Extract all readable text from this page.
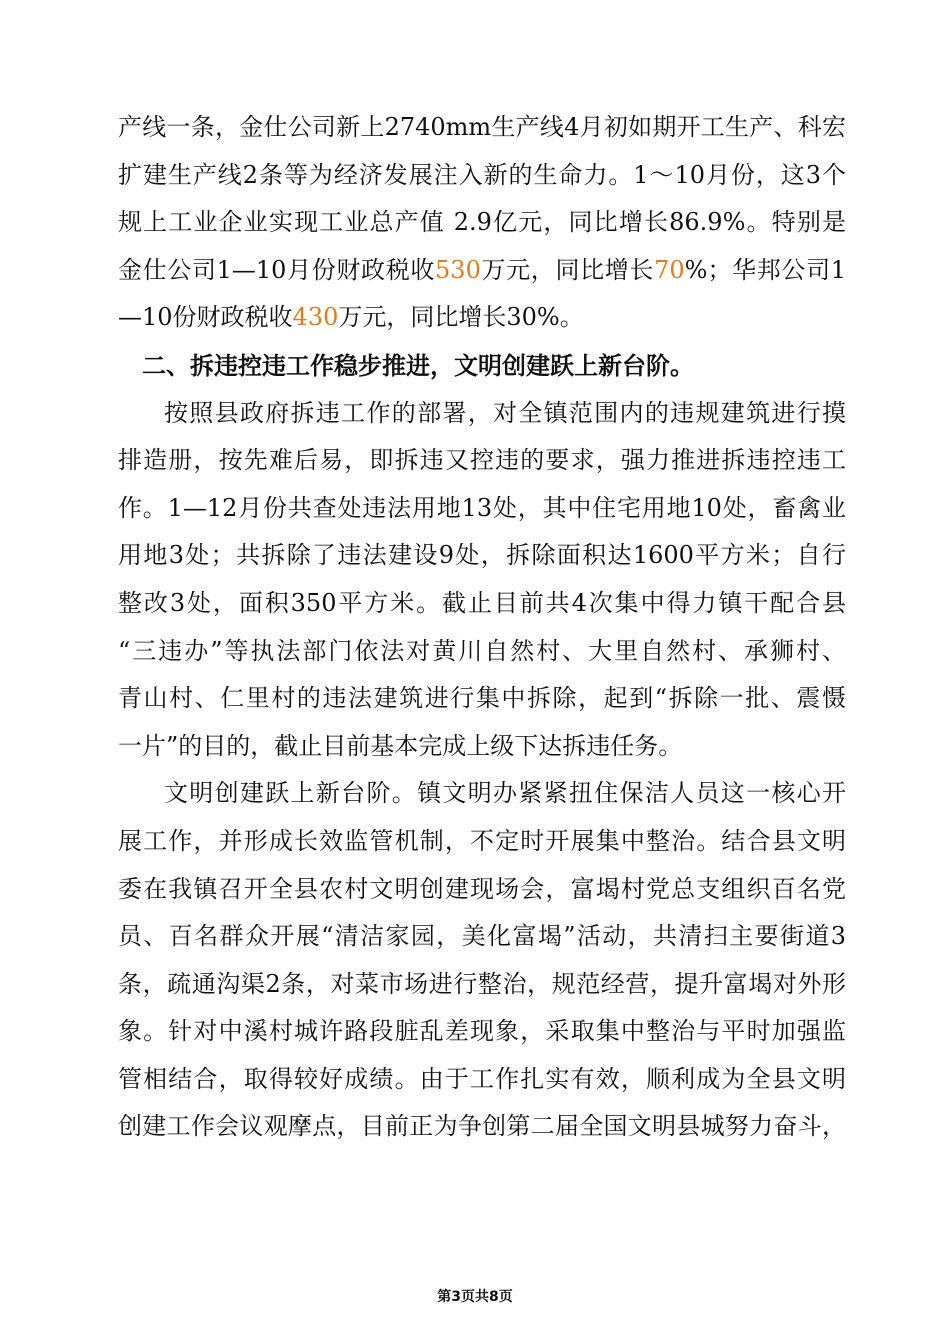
产线一条，金仕公司新上2740mm生产线4月初如期开工生产、科宏
扩建生产线2条等为经济发展注入新的生命力。1～10月份，这3个
规上工业企业实现工业总产值 2.9亿元，同比增长86.9%。特别是
金仕公司1—10月份财政税收530万元，同比增长70%；华邦公司1
—10份财政税收430万元，同比增长30%。
二、拆违控违工作稳步推进，文明创建跃上新台阶。
按照县政府拆违工作的部署，对全镇范围内的违规建筑进行摸
排造册，按先难后易，即拆违又控违的要求，强力推进拆违控违工
作。1—12月份共查处违法用地13处，其中住宅用地10处，畜禽业
用地3处；共拆除了违法建设9处，拆除面积达1600平方米；自行
整改3处，面积350平方米。截止目前共4次集中得力镇干配合县
“三违办”等执法部门依法对黄川自然村、大里自然村、承狮村、
青山村、仁里村的违法建筑进行集中拆除，起到“拆除一批、震慑
一片”的目的，截止目前基本完成上级下达拆违任务。
文明创建跃上新台阶。镇文明办紧紧扭住保洁人员这一核心开
展工作，并形成长效监管机制，不定时开展集中整治。结合县文明
委在我镇召开全县农村文明创建现场会，富堨村党总支组织百名党
员、百名群众开展“清洁家园，美化富堨”活动，共清扫主要街道3
条，疏通沟渠2条，对菜市场进行整治，规范经营，提升富堨对外形
象。针对中溪村城许路段脏乱差现象，采取集中整治与平时加强监
管相结合，取得较好成绩。由于工作扎实有效，顺利成为全县文明
创建工作会议观摩点，目前正为争创第二届全国文明县城努力奋斗，
第3页共8页
